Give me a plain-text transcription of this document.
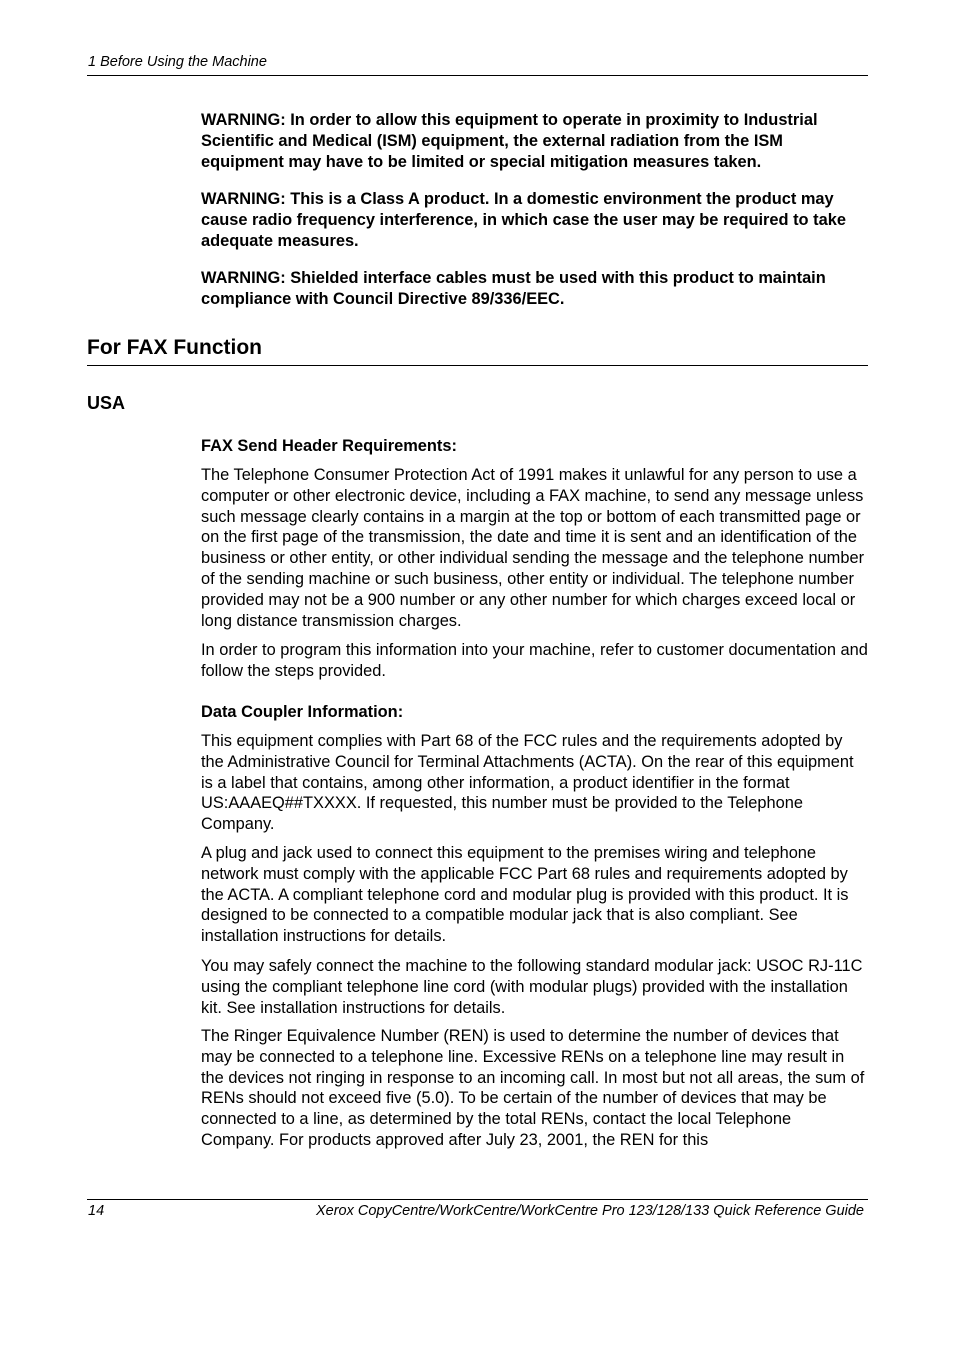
1 Before Using the Machine
WARNING: In order to allow this equipment to operate in proximity to Industrial Scientific and Medical (ISM) equipment, the external radiation from the ISM equipment may have to be limited or special mitigation measures taken.
WARNING: This is a Class A product. In a domestic environment the product may cause radio frequency interference, in which case the user may be required to take adequate measures.
WARNING: Shielded interface cables must be used with this product to maintain compliance with Council Directive 89/336/EEC.
For FAX Function
USA
FAX Send Header Requirements:
The Telephone Consumer Protection Act of 1991 makes it unlawful for any person to use a computer or other electronic device, including a FAX machine, to send any message unless such message clearly contains in a margin at the top or bottom of each transmitted page or on the first page of the transmission, the date and time it is sent and an identification of the business or other entity, or other individual sending the message and the telephone number of the sending machine or such business, other entity or individual. The telephone number provided may not be a 900 number or any other number for which charges exceed local or long distance transmission charges.
In order to program this information into your machine, refer to customer documentation and follow the steps provided.
Data Coupler Information:
This equipment complies with Part 68 of the FCC rules and the requirements adopted by the Administrative Council for Terminal Attachments (ACTA). On the rear of this equipment is a label that contains, among other information, a product identifier in the format US:AAAEQ##TXXXX. If requested, this number must be provided to the Telephone Company.
A plug and jack used to connect this equipment to the premises wiring and telephone network must comply with the applicable FCC Part 68 rules and requirements adopted by the ACTA. A compliant telephone cord and modular plug is provided with this product. It is designed to be connected to a compatible modular jack that is also compliant. See installation instructions for details.
You may safely connect the machine to the following standard modular jack: USOC RJ-11C using the compliant telephone line cord (with modular plugs) provided with the installation kit. See installation instructions for details.
The Ringer Equivalence Number (REN) is used to determine the number of devices that may be connected to a telephone line. Excessive RENs on a telephone line may result in the devices not ringing in response to an incoming call. In most but not all areas, the sum of RENs should not exceed five (5.0). To be certain of the number of devices that may be connected to a line, as determined by the total RENs, contact the local Telephone Company. For products approved after July 23, 2001, the REN for this
14	Xerox CopyCentre/WorkCentre/WorkCentre Pro 123/128/133 Quick Reference Guide
